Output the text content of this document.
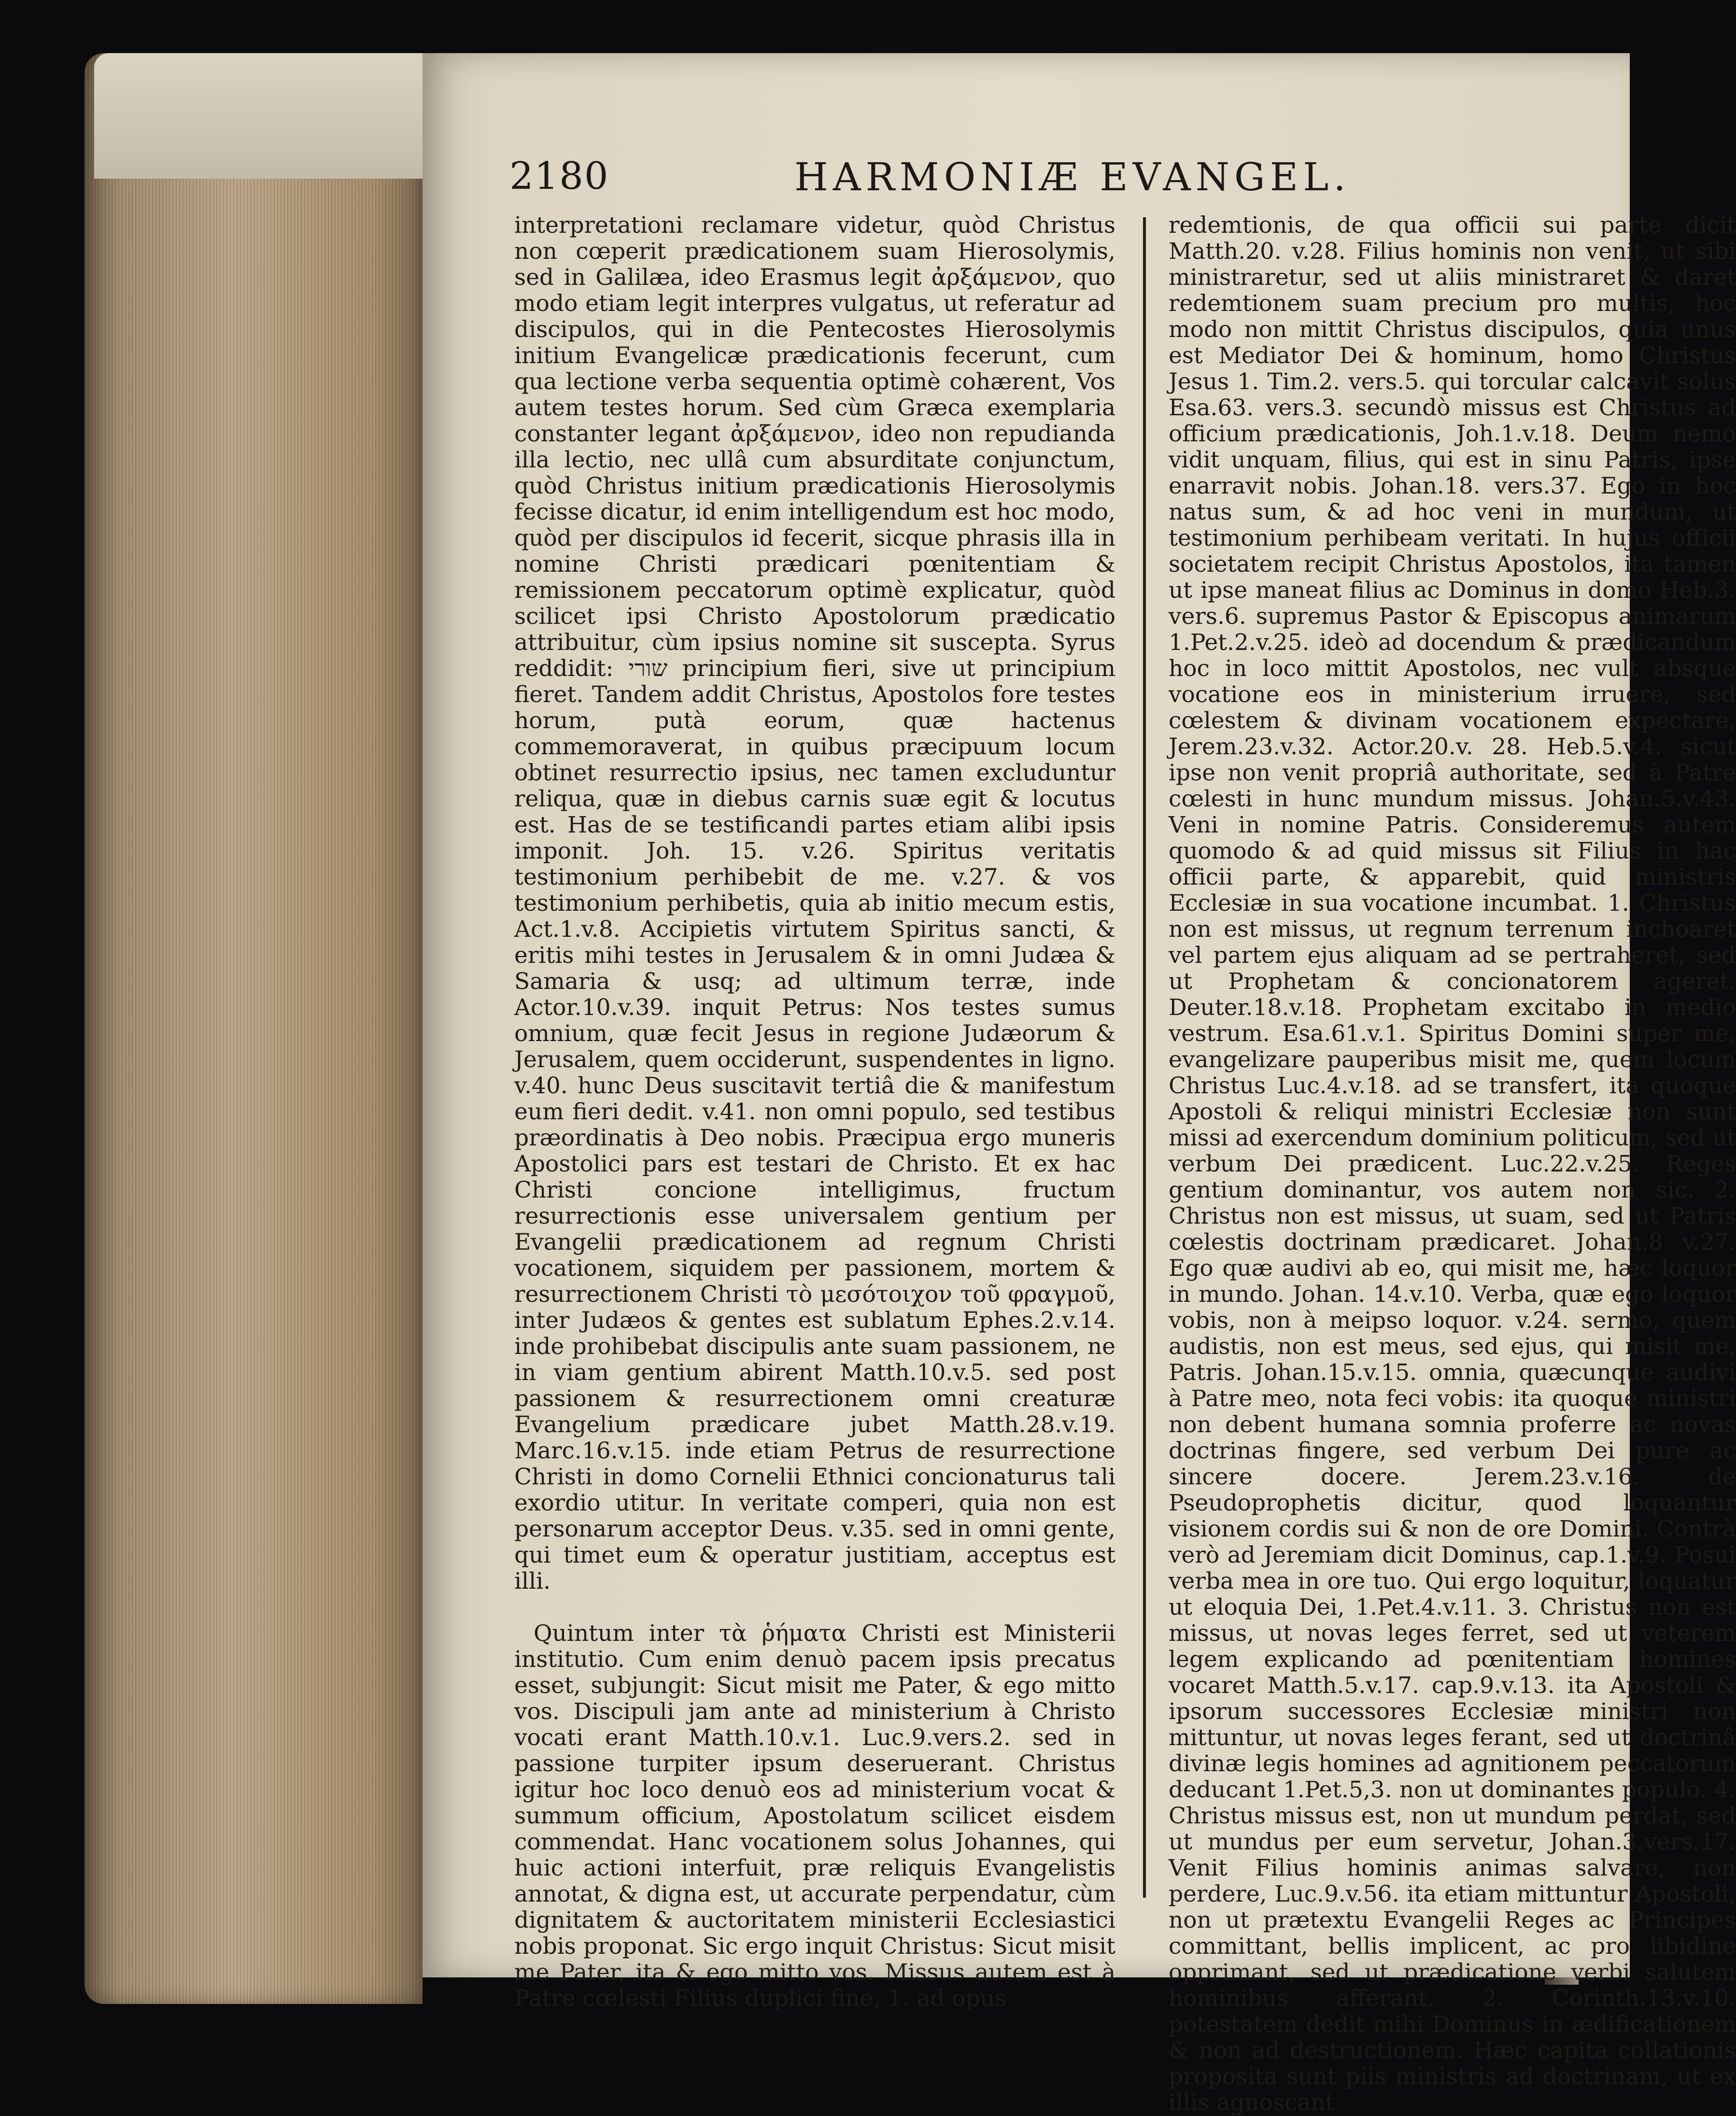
2180	HARMONIÆ EVANGEL.

interpretationi reclamare videtur, quòd Christus non cœperit prædicationem suam Hierosolymis, sed in Galilæa, ideo Erasmus legit ἀρξάμενον, quo modo etiam legit interpres vulgatus, ut referatur ad discipulos, qui in die Pentecostes Hierosolymis initium Evangelicæ prædicationis fecerunt, cum qua lectione verba sequentia optimè cohærent, Vos autem testes horum. Sed cùm Græca exemplaria constanter legant ἀρξάμενον, ideo non repudianda illa lectio, nec ullâ cum absurditate conjunctum, quòd Christus initium prædicationis Hierosolymis fecisse dicatur, id enim intelligendum est hoc modo, quòd per discipulos id fecerit, sicque phrasis illa in nomine Christi prædicari pœnitentiam & remissionem peccatorum optimè explicatur, quòd scilicet ipsi Christo Apostolorum prædicatio attribuitur, cùm ipsius nomine sit suscepta. Syrus reddidit: שורי principium fieri, sive ut principium fieret. Tandem addit Christus, Apostolos fore testes horum, putà eorum, quæ hactenus commemoraverat, in quibus præcipuum locum obtinet resurrectio ipsius, nec tamen excluduntur reliqua, quæ in diebus carnis suæ egit & locutus est. Has de se testificandi partes etiam alibi ipsis imponit. Joh. 15. v.26. Spiritus veritatis testimonium perhibebit de me. v.27. & vos testimonium perhibetis, quia ab initio mecum estis, Act.1.v.8. Accipietis virtutem Spiritus sancti, & eritis mihi testes in Jerusalem & in omni Judæa & Samaria & usq; ad ultimum terræ, inde Actor.10.v.39. inquit Petrus: Nos testes sumus omnium, quæ fecit Jesus in regione Judæorum & Jerusalem, quem occiderunt, suspendentes in ligno. v.40. hunc Deus suscitavit tertiâ die & manifestum eum fieri dedit. v.41. non omni populo, sed testibus præordinatis à Deo nobis. Præcipua ergo muneris Apostolici pars est testari de Christo. Et ex hac Christi concione intelligimus, fructum resurrectionis esse universalem gentium per Evangelii prædicationem ad regnum Christi vocationem, siquidem per passionem, mortem & resurrectionem Christi τὸ μεσότοιχον τοῦ φραγμοῦ, inter Judæos & gentes est sublatum Ephes.2.v.14. inde prohibebat discipulis ante suam passionem, ne in viam gentium abirent Matth.10.v.5. sed post passionem & resurrectionem omni creaturæ Evangelium prædicare jubet Matth.28.v.19. Marc.16.v.15. inde etiam Petrus de resurrectione Christi in domo Cornelii Ethnici concionaturus tali exordio utitur. In veritate comperi, quia non est personarum acceptor Deus. v.35. sed in omni gente, qui timet eum & operatur justitiam, acceptus est illi.

Quintum inter τὰ ῥήματα Christi est Ministerii institutio. Cum enim denuò pacem ipsis precatus esset, subjungit: Sicut misit me Pater, & ego mitto vos. Discipuli jam ante ad ministerium à Christo vocati erant Matth.10.v.1. Luc.9.vers.2. sed in passione turpiter ipsum deseruerant. Christus igitur hoc loco denuò eos ad ministerium vocat & summum officium, Apostolatum scilicet eisdem commendat. Hanc vocationem solus Johannes, qui huic actioni interfuit, præ reliquis Evangelistis annotat, & digna est, ut accurate perpendatur, cùm dignitatem & auctoritatem ministerii Ecclesiastici nobis proponat. Sic ergo inquit Christus: Sicut misit me Pater, ita & ego mitto vos. Missus autem est à Patre cœlesti Filius duplici fine, 1. ad opus

redemtionis, de qua officii sui parte dicit Matth.20. v.28. Filius hominis non venit, ut sibi ministraretur, sed ut aliis ministraret & daret redemtionem suam precium pro multis, hoc modo non mittit Christus discipulos, quia unus est Mediator Dei & hominum, homo Christus Jesus 1. Tim.2. vers.5. qui torcular calcavit solus Esa.63. vers.3. secundò missus est Christus ad officium prædicationis, Joh.1.v.18. Deum nemo vidit unquam, filius, qui est in sinu Patris, ipse enarravit nobis. Johan.18. vers.37. Ego in hoc natus sum, & ad hoc veni in mundum, ut testimonium perhibeam veritati. In hujus officii societatem recipit Christus Apostolos, ita tamen ut ipse maneat filius ac Dominus in domo Heb.3. vers.6. supremus Pastor & Episcopus animarum 1.Pet.2.v.25. ideò ad docendum & prædicandum hoc in loco mittit Apostolos, nec vult absque vocatione eos in ministerium irruere, sed cœlestem & divinam vocationem expectare, Jerem.23.v.32. Actor.20.v. 28. Heb.5.v.4. sicut ipse non venit propriâ authoritate, sed à Patre cœlesti in hunc mundum missus. Johan.5.v.43. Veni in nomine Patris. Consideremus autem quomodo & ad quid missus sit Filius in hac officii parte, & apparebit, quid ministris Ecclesiæ in sua vocatione incumbat. 1. Christus non est missus, ut regnum terrenum inchoaret vel partem ejus aliquam ad se pertraheret, sed ut Prophetam & concionatorem ageret. Deuter.18.v.18. Prophetam excitabo in medio vestrum. Esa.61.v.1. Spiritus Domini super me, evangelizare pauperibus misit me, quem locum Christus Luc.4.v.18. ad se transfert, ita quoque Apostoli & reliqui ministri Ecclesiæ non sunt missi ad exercendum dominium politicum, sed ut verbum Dei prædicent. Luc.22.v.25. Reges gentium dominantur, vos autem non sic. 2. Christus non est missus, ut suam, sed ut Patris cœlestis doctrinam prædicaret. Johan.8 v.27. Ego quæ audivi ab eo, qui misit me, hæc loquor in mundo. Johan. 14.v.10. Verba, quæ ego loquor vobis, non à meipso loquor. v.24. sermo, quem audistis, non est meus, sed ejus, qui misit me, Patris. Johan.15.v.15. omnia, quæcunque audivi à Patre meo, nota feci vobis: ita quoque ministri non debent humana somnia proferre ac novas doctrinas fingere, sed verbum Dei pure ac sincere docere. Jerem.23.v.16. de Pseudoprophetis dicitur, quod loquantur visionem cordis sui & non de ore Domini. Contrà verò ad Jeremiam dicit Dominus, cap.1.v.9. Posui verba mea in ore tuo. Qui ergo loquitur, loquatur ut eloquia Dei, 1.Pet.4.v.11. 3. Christus non est missus, ut novas leges ferret, sed ut veterem legem explicando ad pœnitentiam homines vocaret Matth.5.v.17. cap.9.v.13. ita Apostoli & ipsorum successores Ecclesiæ ministri non mittuntur, ut novas leges ferant, sed ut doctrinâ divinæ legis homines ad agnitionem peccatorum deducant 1.Pet.5,3. non ut dominantes populo. 4. Christus missus est, non ut mundum perdat, sed ut mundus per eum servetur, Johan.3.vers.17. Venit Filius hominis animas salvare, non perdere, Luc.9.v.56. ita etiam mittuntur Apostoli, non ut prætextu Evangelii Reges ac Principes committant, bellis implicent, ac pro libidine opprimant, sed ut prædicatione verbi salutem hominibus afferant. 2. Corinth.13.v.10. potestatem dedit mihi Dominus in ædificationem & non ad destructionem. Hæc capita collationis proposita sunt piis ministris ad doctrinam, ut ex illis agnoscant
